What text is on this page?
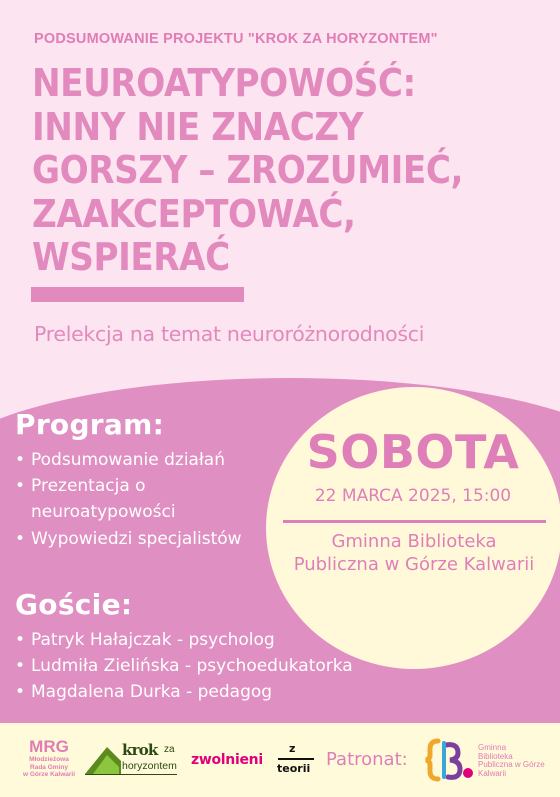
PODSUMOWANIE PROJEKTU "KROK ZA HORYZONTEM"
NEUROATYPOWOŚĆ:
INNY NIE ZNACZY
GORSZY – ZROZUMIEĆ,
ZAAKCEPTOWAĆ,
WSPIERAĆ
Prelekcja na temat neuroróżnorodności
Program:
• Podsumowanie działań
• Prezentacja o neuroatypowości
• Wypowiedzi specjalistów
Goście:
• Patryk Hałajczak - psycholog
• Ludmiła Zielińska - psychoedukatorka
• Magdalena Durka - pedagog
SOBOTA
22 MARCA 2025, 15:00
Gminna Biblioteka Publiczna w Górze Kalwarii
MRG
Młodzieżowa
Rada Gminy
w Górze Kalwarii
krok za
horyzontem zwolnieni
z
teorii Patronat:
Gminna
Biblioteka
Publiczna w Górze
Kalwarii
